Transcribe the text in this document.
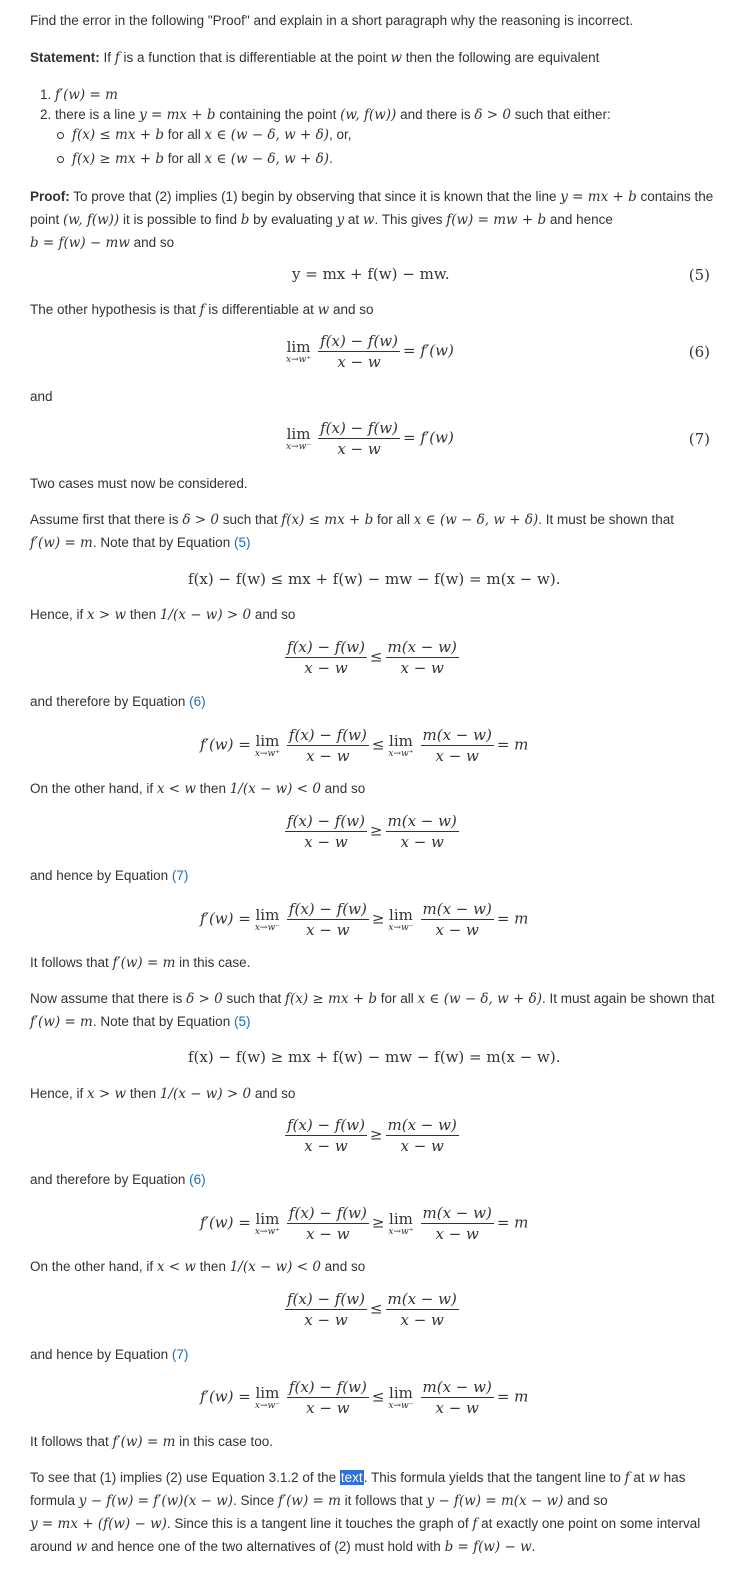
Find the error in the following "Proof" and explain in a short paragraph why the reasoning is incorrect.
Statement: If f is a function that is differentiable at the point w then the following are equivalent
1. f′(w) = m
2. there is a line y = mx + b containing the point (w, f(w)) and there is δ > 0 such that either:
f(x) ≤ mx + b for all x ∈ (w − δ, w + δ), or,
f(x) ≥ mx + b for all x ∈ (w − δ, w + δ).
Proof: To prove that (2) implies (1) begin by observing that since it is known that the line y = mx + b contains the
point (w, f(w)) it is possible to find b by evaluating y at w. This gives f(w) = mw + b and hence
b = f(w) − mw and so
y = mx + f(w) − mw.	(5)
The other hypothesis is that f is differentiable at w and so
lim
$x\to w^+ \frac{f(x) - f(w)}{x - w} = f'(w)$	(6)
and
lim
$x\to w^- \frac{f(x) - f(w)}{x - w} = f'(w)$	(7)
Two cases must now be considered.
Assume first that there is δ > 0 such that f(x) ≤ mx + b for all x ∈ (w − δ, w + δ). It must be shown that
f′(w) = m. Note that by Equation (5)
f(x) − f(w) ≤ mx + f(w) − mw − f(w) = m(x − w).
Hence, if x > w then 1/(x − w) > 0 and so
$\frac{f(x) - f(w)}{x - w} \le \frac{m(x - w)}{x - w}$
and therefore by Equation (6)
f′(w) = lim
$x\to w^+ \frac{f(x) - f(w)}{x - w} \le \lim$
$x\to w^+ \frac{m(x - w)}{x - w} = m$
On the other hand, if x < w then 1/(x − w) < 0 and so
$\frac{f(x) - f(w)}{x - w} \ge \frac{m(x - w)}{x - w}$
and hence by Equation (7)
f′(w) = lim
$x\to w^- \frac{f(x) - f(w)}{x - w} \ge \lim$
$x\to w^- \frac{m(x - w)}{x - w} = m$
It follows that f′(w) = m in this case.
Now assume that there is δ > 0 such that f(x) ≥ mx + b for all x ∈ (w − δ, w + δ). It must again be shown that
f′(w) = m. Note that by Equation (5)
f(x) − f(w) ≥ mx + f(w) − mw − f(w) = m(x − w).
Hence, if x > w then 1/(x − w) > 0 and so
$\frac{f(x) - f(w)}{x - w} \ge \frac{m(x - w)}{x - w}$
and therefore by Equation (6)
f′(w) = lim
$x\to w^+ \frac{f(x) - f(w)}{x - w} \ge \lim$
$x\to w^+ \frac{m(x - w)}{x - w} = m$
On the other hand, if x < w then 1/(x − w) < 0 and so
$\frac{f(x) - f(w)}{x - w} \le \frac{m(x - w)}{x - w}$
and hence by Equation (7)
f′(w) = lim
$x\to w^- \frac{f(x) - f(w)}{x - w} \le \lim$
$x\to w^- \frac{m(x - w)}{x - w} = m$
It follows that f′(w) = m in this case too.
To see that (1) implies (2) use Equation 3.1.2 of the text. This formula yields that the tangent line to f at w has
formula y − f(w) = f′(w)(x − w). Since f′(w) = m it follows that y − f(w) = m(x − w) and so
y = mx + (f(w) − w). Since this is a tangent line it touches the graph of f at exactly one point on some interval
around w and hence one of the two alternatives of (2) must hold with b = f(w) − w.
